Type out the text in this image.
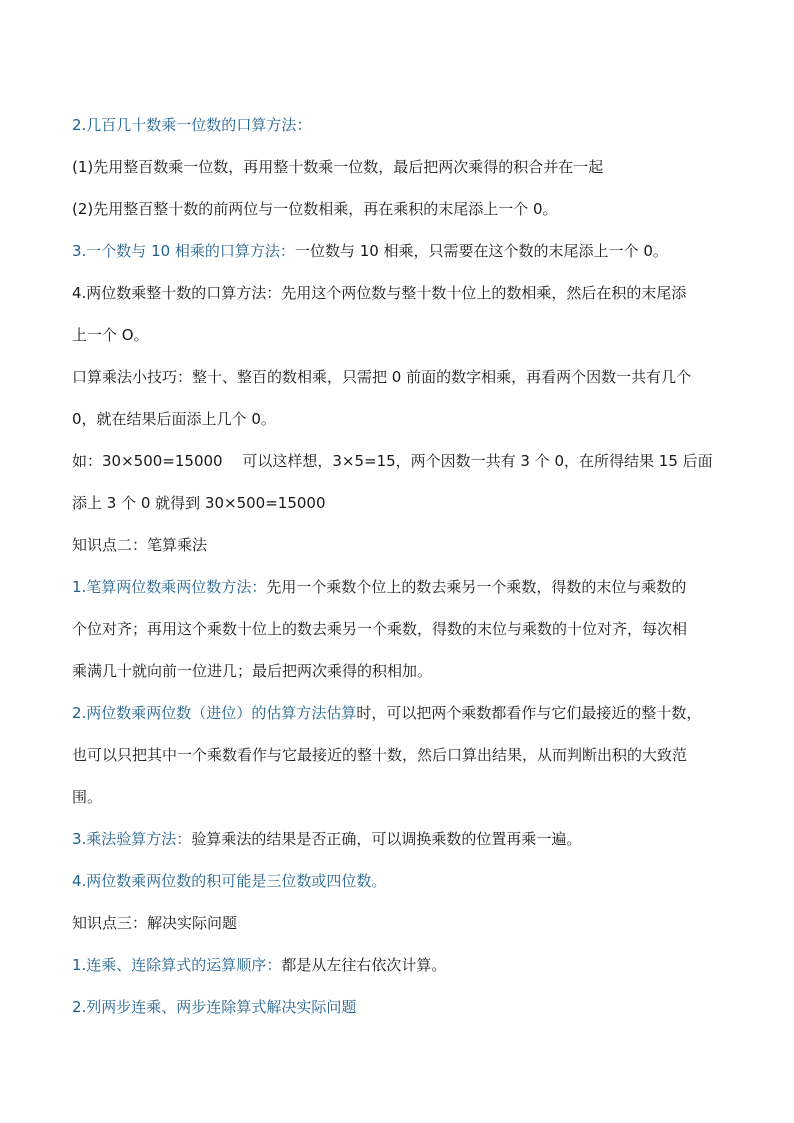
2.几百几十数乘一位数的口算方法：
(1)先用整百数乘一位数，再用整十数乘一位数，最后把两次乘得的积合并在一起
(2)先用整百整十数的前两位与一位数相乘，再在乘积的末尾添上一个 0。
3.一个数与 10 相乘的口算方法：一位数与 10 相乘，只需要在这个数的末尾添上一个 0。
4.两位数乘整十数的口算方法：先用这个两位数与整十数十位上的数相乘，然后在积的末尾添
上一个 O。
口算乘法小技巧：整十、整百的数相乘，只需把 0 前面的数字相乘，再看两个因数一共有几个
0，就在结果后面添上几个 0。
如：30×500=15000　 可以这样想，3×5=15，两个因数一共有 3 个 0，在所得结果 15 后面
添上 3 个 0 就得到 30×500=15000
知识点二：笔算乘法
1.笔算两位数乘两位数方法：先用一个乘数个位上的数去乘另一个乘数，得数的末位与乘数的
个位对齐；再用这个乘数十位上的数去乘另一个乘数，得数的末位与乘数的十位对齐，每次相
乘满几十就向前一位进几；最后把两次乘得的积相加。
2.两位数乘两位数（进位）的估算方法估算时，可以把两个乘数都看作与它们最接近的整十数，
也可以只把其中一个乘数看作与它最接近的整十数，然后口算出结果，从而判断出积的大致范
围。
3.乘法验算方法：验算乘法的结果是否正确，可以调换乘数的位置再乘一遍。
4.两位数乘两位数的积可能是三位数或四位数。
知识点三：解决实际问题
1.连乘、连除算式的运算顺序：都是从左往右依次计算。
2.列两步连乘、两步连除算式解决实际问题
